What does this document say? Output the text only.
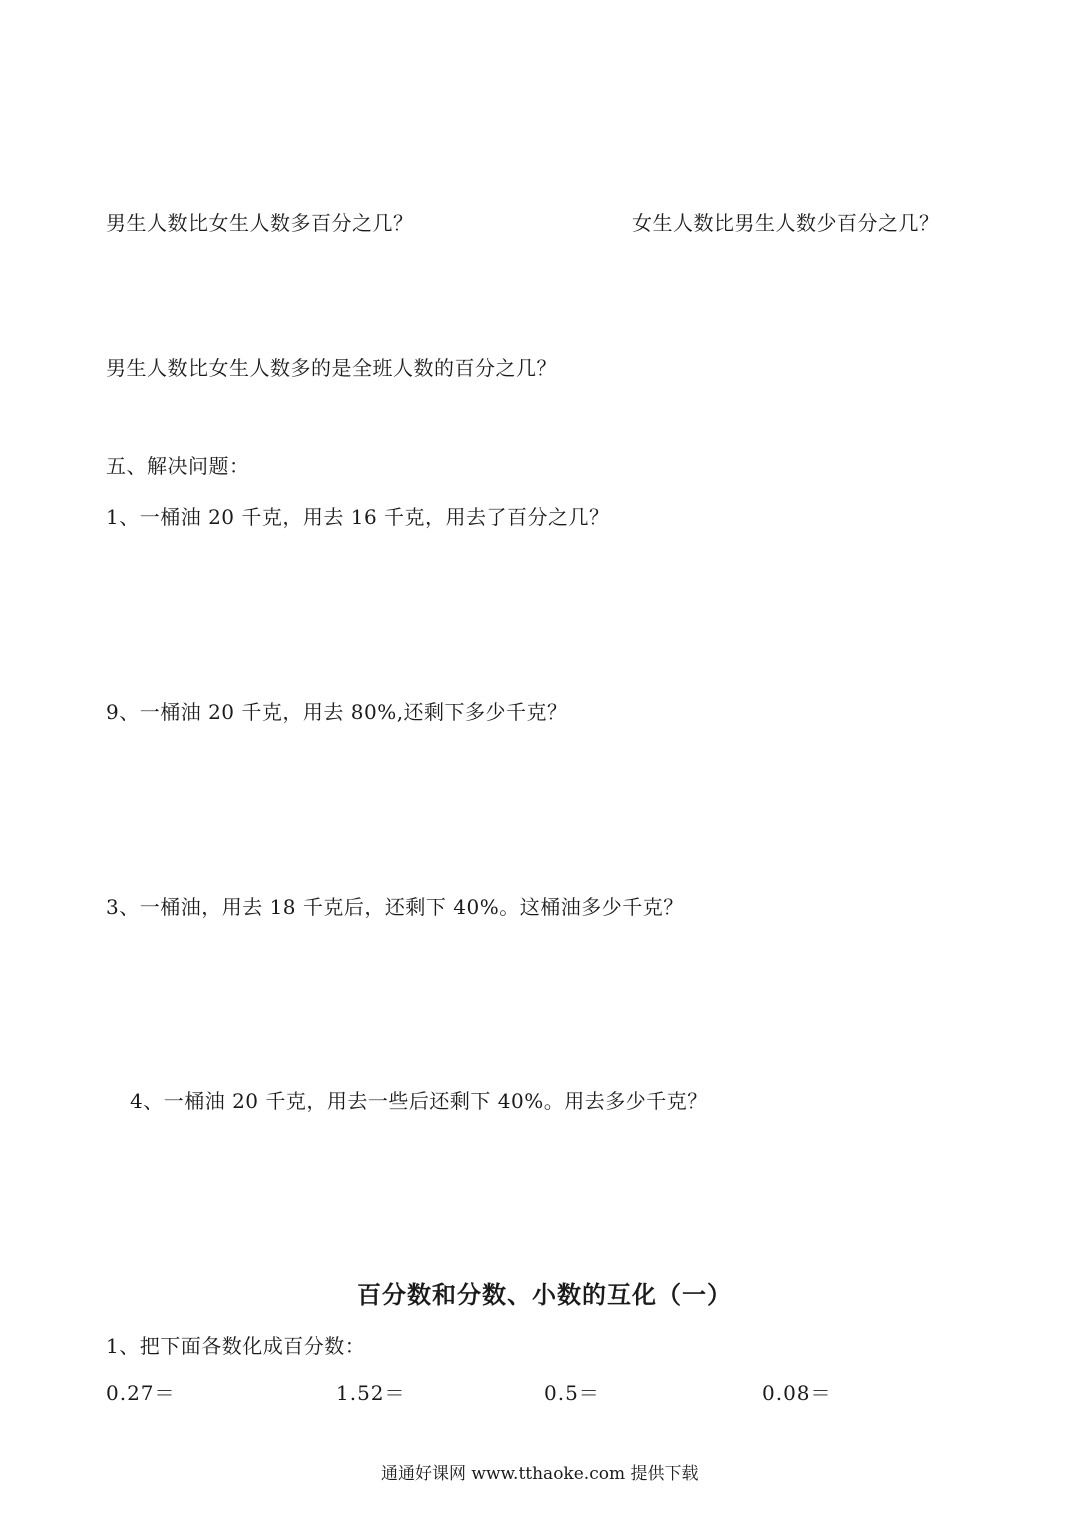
男生人数比女生人数多百分之几？	女生人数比男生人数少百分之几？
男生人数比女生人数多的是全班人数的百分之几？
五、解决问题：
1、一桶油 20 千克，用去 16 千克，用去了百分之几？
9、一桶油 20 千克，用去 80%,还剩下多少千克？
3、一桶油，用去 18 千克后，还剩下 40%。这桶油多少千克？
4、一桶油 20 千克，用去一些后还剩下 40%。用去多少千克？
百分数和分数、小数的互化（一）
1、把下面各数化成百分数：
0.27＝	1.52＝	0.5＝	0.08＝
通通好课网 www.tthaoke.com 提供下载
